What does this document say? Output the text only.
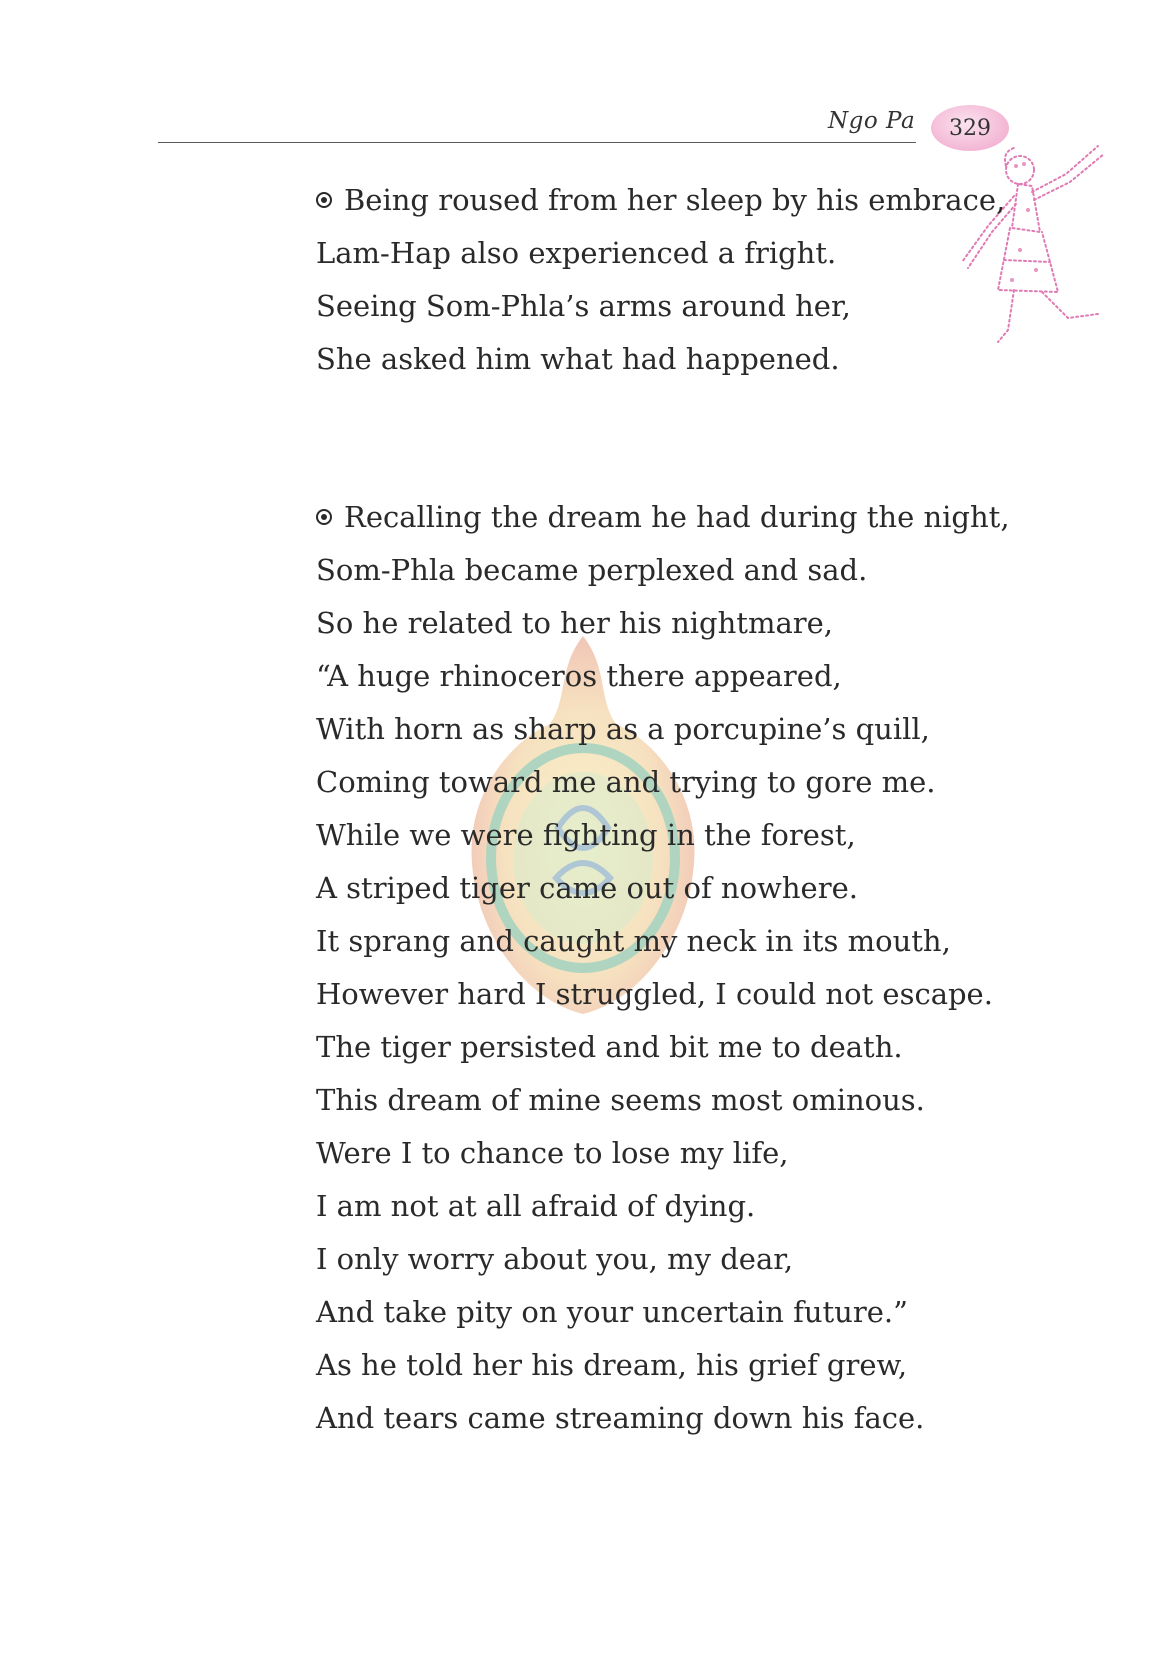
Ngo Pa 329
Being roused from her sleep by his embrace,
Lam-Hap also experienced a fright.
Seeing Som-Phla’s arms around her,
She asked him what had happened.
Recalling the dream he had during the night,
Som-Phla became perplexed and sad.
So he related to her his nightmare,
“A huge rhinoceros there appeared,
With horn as sharp as a porcupine’s quill,
Coming toward me and trying to gore me.
While we were fighting in the forest,
A striped tiger came out of nowhere.
It sprang and caught my neck in its mouth,
However hard I struggled, I could not escape.
The tiger persisted and bit me to death.
This dream of mine seems most ominous.
Were I to chance to lose my life,
I am not at all afraid of dying.
I only worry about you, my dear,
And take pity on your uncertain future.”
As he told her his dream, his grief grew,
And tears came streaming down his face.
